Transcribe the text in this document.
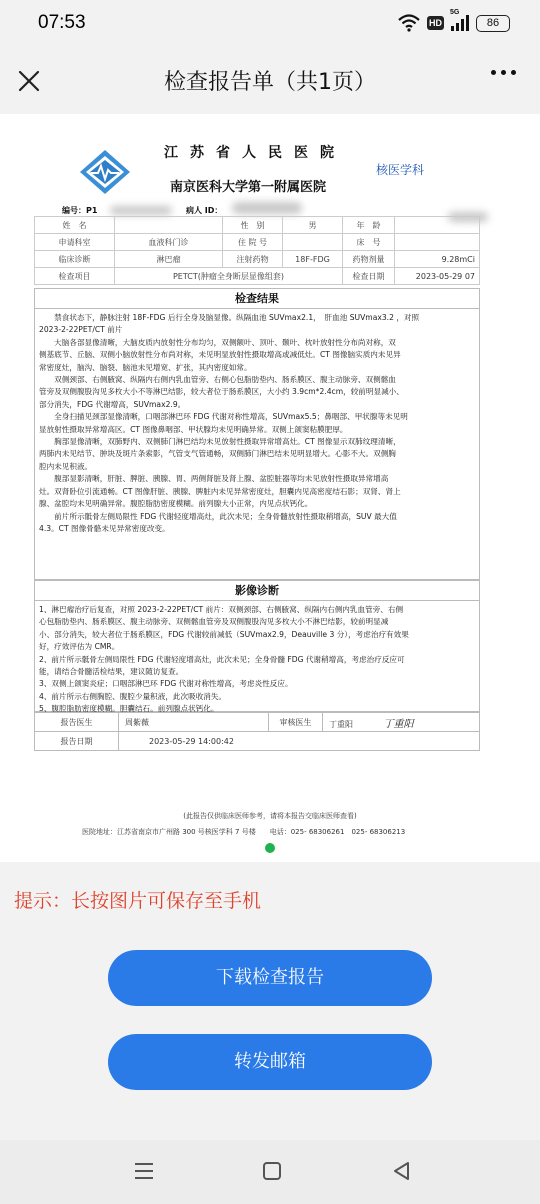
07:53	HD
5G
86
检查报告单（共1页）
江苏省人民医院
南京医科大学第一附属医院
核医学科
编号：P1	病人 ID：
姓　名		性　别	男	年　龄	
申请科室	血液科门诊	住 院 号		床　号	
临床诊断	淋巴瘤	注射药物	18F-FDG	药物剂量	9.28mCi
检查项目	PETCT(肿瘤全身断层显像组套)			检查日期	2023-05-29 07
检查结果
　　禁食状态下，静脉注射 18F-FDG 后行全身及脑显像。纵隔血池 SUVmax2.1，　肝血池 SUVmax3.2 ，对照
2023-2-22PET/CT 前片
　　大脑各部显像清晰，大脑皮质内放射性分布均匀，双侧额叶、顶叶、颞叶、枕叶放射性分布尚对称，双
侧基底节、丘脑、双侧小脑放射性分布尚对称，未见明显放射性摄取增高或减低灶。CT 图像脑实质内未见异
常密度灶，脑沟、脑裂、脑池未见增宽、扩张，其内密度如常。
　　双侧颈部、右侧腋窝、纵隔内右侧内乳血管旁、右侧心包脂肪垫内、肠系膜区、腹主动脉旁、双侧髂血
管旁及双侧腹股沟见多枚大小不等淋巴结影，较大者位于肠系膜区，大小约 3.9cm*2.4cm，较前明显减小、
部分消失，FDG 代谢增高，SUVmax2.9。
　　全身扫描见颈部显像清晰，口咽部淋巴环 FDG 代谢对称性增高，SUVmax5.5；鼻咽部、甲状腺等未见明
显放射性摄取异常增高区。CT 图像鼻咽部、甲状腺均未见明确异常。双侧上颌窦粘膜肥厚。
　　胸部显像清晰，双肺野内、双侧肺门淋巴结均未见放射性摄取异常增高灶。CT 图像显示双肺纹理清晰，
两肺内未见结节、肿块及斑片条索影，气管支气管通畅，双侧肺门淋巴结未见明显增大。心影不大。双侧胸
腔内未见积液。
　　腹部显影清晰，肝脏、脾脏、胰腺、胃、两侧肾脏及肾上腺、盆腔脏器等均未见放射性摄取异常增高
灶。双肾卧位引流通畅。CT 图像肝脏、胰腺、脾脏内未见异常密度灶，胆囊内见高密度结石影；双肾、肾上
腺、盆腔均未见明确异常。腹腔脂肪密度模糊。前列腺大小正常，内见点状钙化。
　　前片所示骶骨左侧局限性 FDG 代谢轻度增高灶，此次未见；全身骨髓放射性摄取稍增高，SUV 最大值
4.3。CT 图像骨骼未见异常密度改变。
影像诊断
1、淋巴瘤治疗后复查，对照 2023-2-22PET/CT 前片：双侧颈部、右侧腋窝、纵隔内右侧内乳血管旁、右侧
心包脂肪垫内、肠系膜区、腹主动脉旁、双侧髂血管旁及双侧腹股沟见多枚大小不淋巴结影，较前明显减
小、部分消失，较大者位于肠系膜区，FDG 代谢较前减低（SUVmax2.9，Deauville 3 分），考虑治疗有效果
好，疗效评估为 CMR。
2、前片所示骶骨左侧局限性 FDG 代谢轻度增高灶，此次未见；全身骨髓 FDG 代谢稍增高，考虑治疗反应可
能，请结合骨髓活检结果，建议随访复查。
3、双侧上颌窦炎症；口咽部淋巴环 FDG 代谢对称性增高，考虑炎性反应。
4、前片所示右侧胸腔、腹腔少量积液，此次吸收消失。
5、腹腔脂肪密度模糊。胆囊结石。前列腺点状钙化。
报告医生	周紫薇	审核医生	丁重阳 丁重阳
报告日期	2023-05-29 14:00:42		
(此报告仅供临床医师参考，请将本报告交临床医师查看)
医院地址：江苏省南京市广州路 300 号核医学科 7 号楼　　电话：025- 68306261　025- 68306213
提示：长按图片可保存至手机
下载检查报告
转发邮箱
